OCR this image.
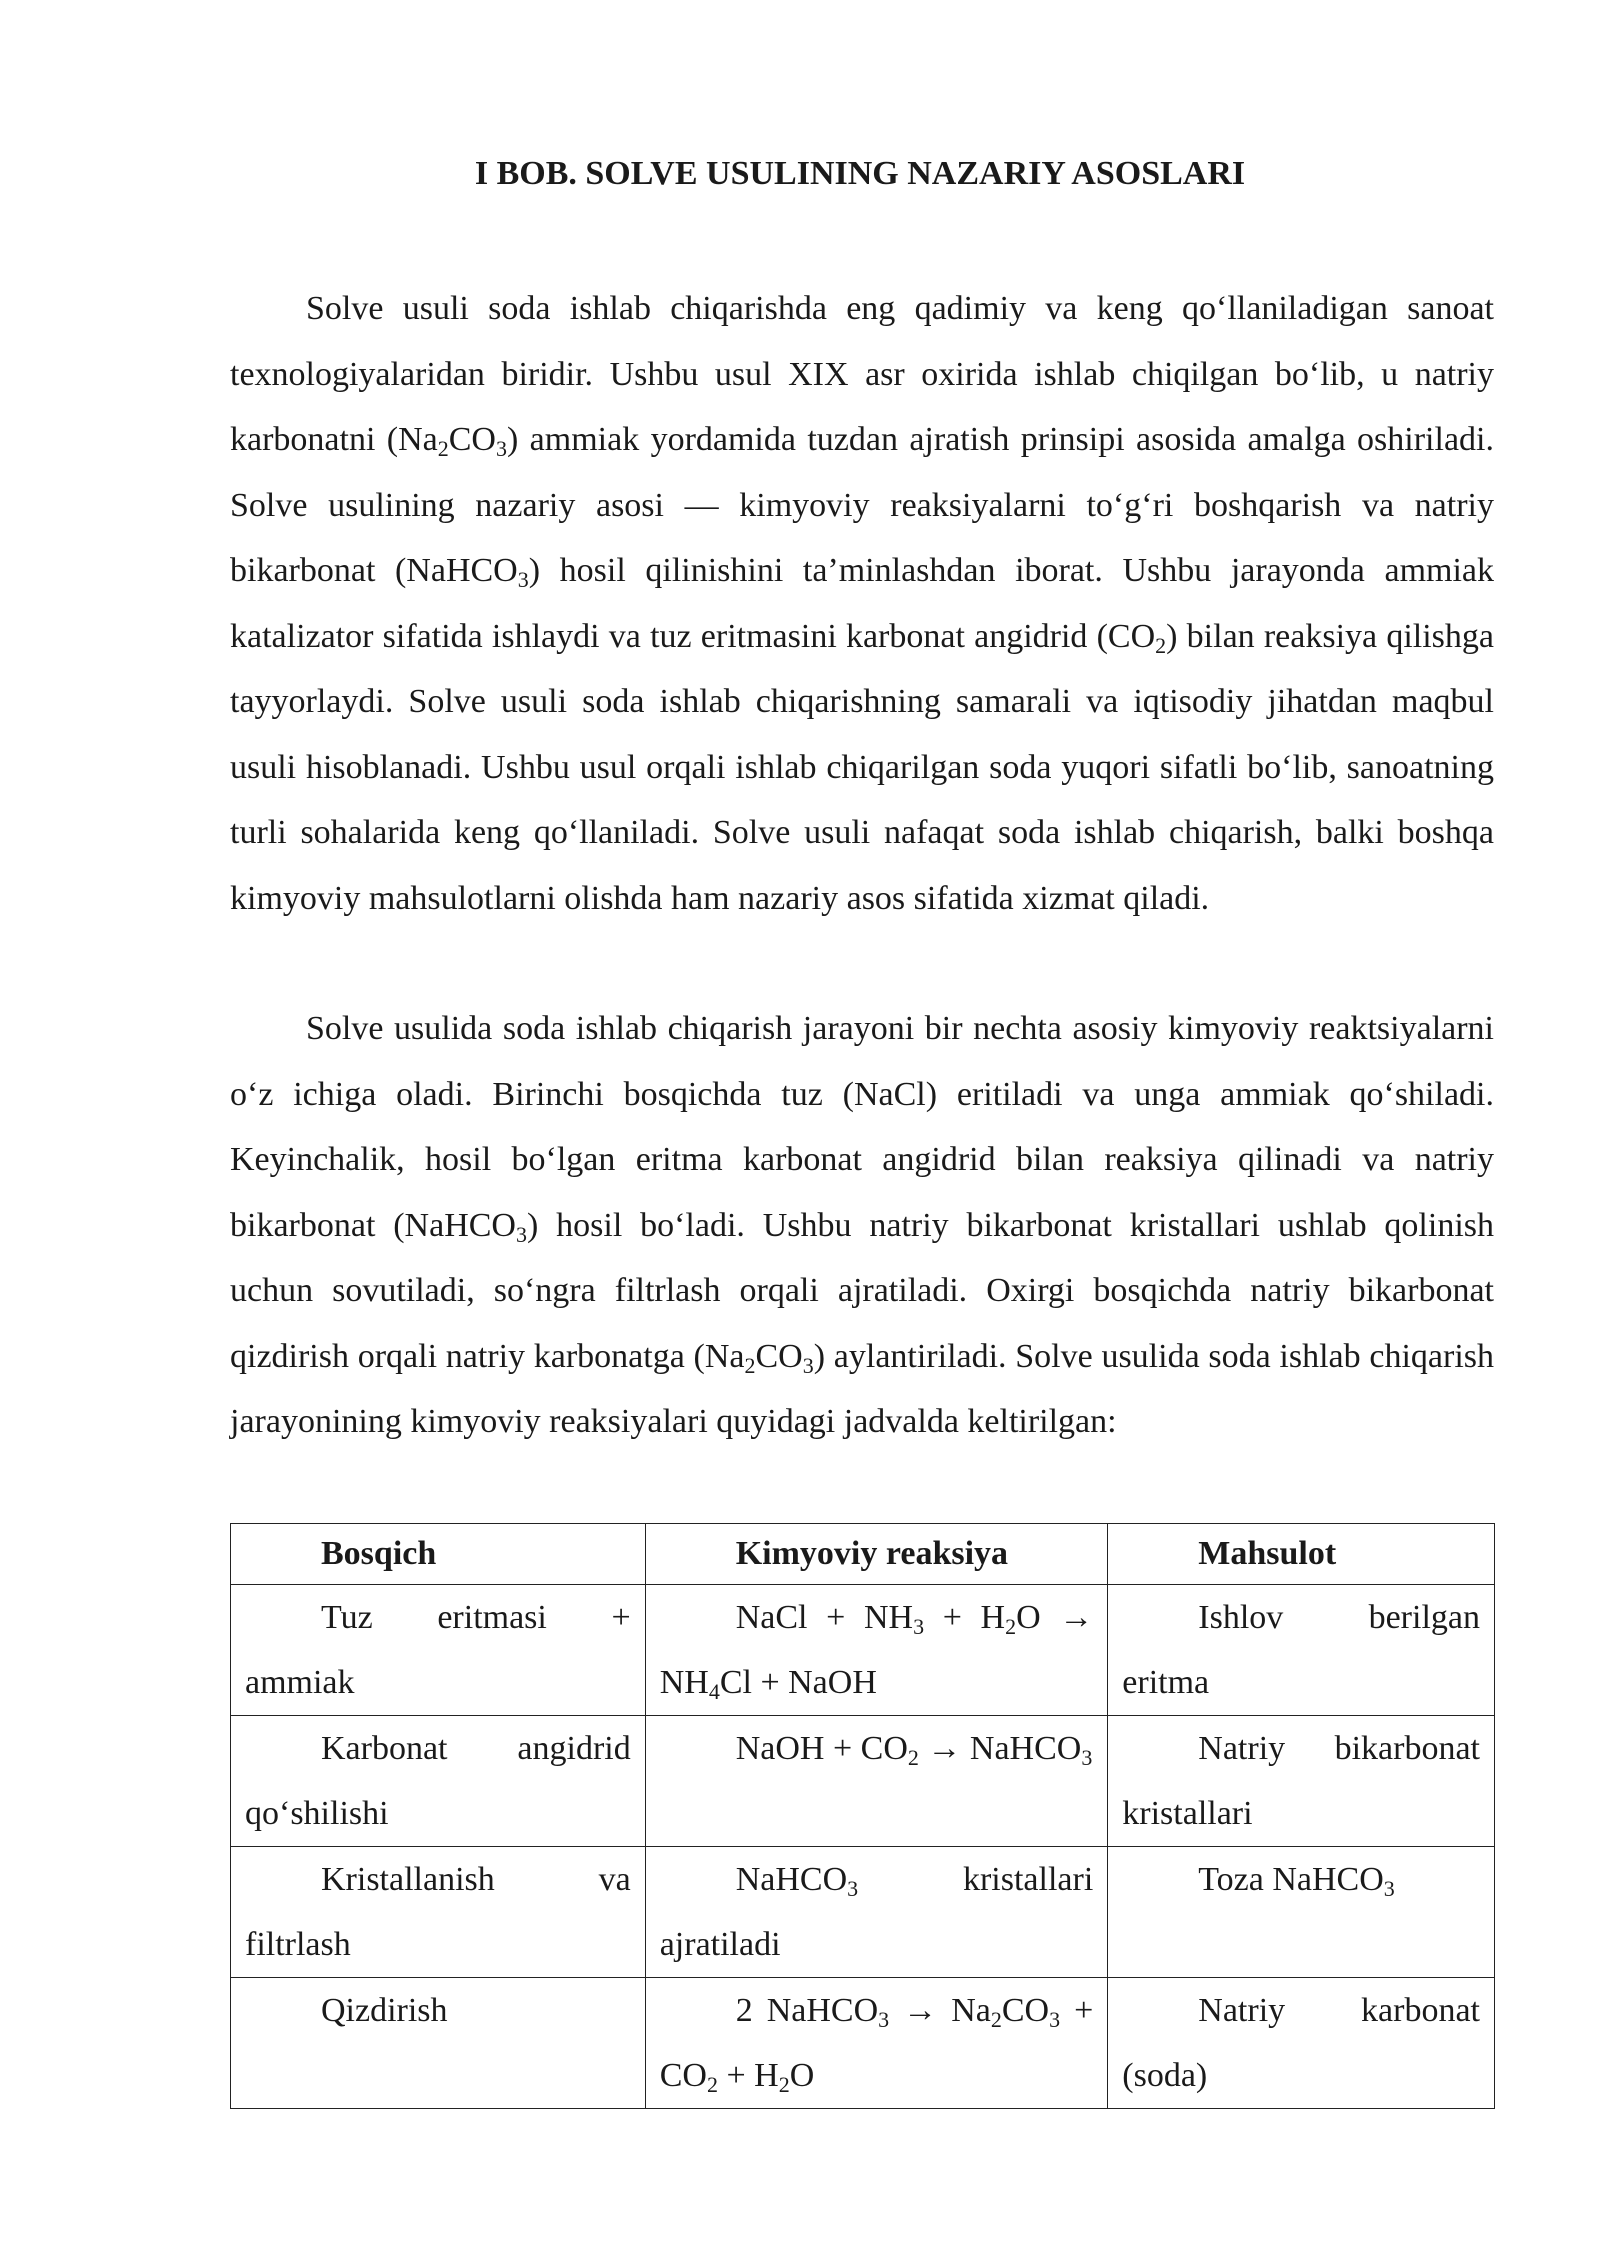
I BOB. SOLVE USULINING NAZARIY ASOSLARI

Solve usuli soda ishlab chiqarishda eng qadimiy va keng qo‘llaniladigan sanoat texnologiyalaridan biridir. Ushbu usul XIX asr oxirida ishlab chiqilgan bo‘lib, u natriy karbonatni $(Na_2CO_3)$ ammiak yordamida tuzdan ajratish prinsipi asosida amalga oshiriladi. Solve usulining nazariy asosi — kimyoviy reaksiyalarni to‘g‘ri boshqarish va natriy bikarbonat (NaHCO$_3$) hosil qilinishini ta’minlashdan iborat. Ushbu jarayonda ammiak katalizator sifatida ishlaydi va tuz eritmasini karbonat angidrid $(CO_2)$ bilan reaksiya qilishga tayyorlaydi. Solve usuli soda ishlab chiqarishning samarali va iqtisodiy jihatdan maqbul usuli hisoblanadi. Ushbu usul orqali ishlab chiqarilgan soda yuqori sifatli bo‘lib, sanoatning turli sohalarida keng qo‘llaniladi. Solve usuli nafaqat soda ishlab chiqarish, balki boshqa kimyoviy mahsulotlarni olishda ham nazariy asos sifatida xizmat qiladi.

Solve usulida soda ishlab chiqarish jarayoni bir nechta asosiy kimyoviy reaktsiyalarni o‘z ichiga oladi. Birinchi bosqichda tuz (NaCl) eritiladi va unga ammiak qo‘shiladi. Keyinchalik, hosil bo‘lgan eritma karbonat angidrid bilan reaksiya qilinadi va natriy bikarbonat (NaHCO$_3$) hosil bo‘ladi. Ushbu natriy bikarbonat kristallari ushlab qolinish uchun sovutiladi, so‘ngra filtrlash orqali ajratiladi. Oxirgi bosqichda natriy bikarbonat qizdirish orqali natriy karbonatga $(Na_2CO_3)$ aylantiriladi. Solve usulida soda ishlab chiqarish jarayonining kimyoviy reaksiyalari quyidagi jadvalda keltirilgan:

Bosqich	Kimyoviy reaksiya	Mahsulot
Tuz eritmasi + ammiak	NaCl + $NH_3 + H_2O \to NH_4Cl$ + NaOH	Ishlov berilgan eritma
Karbonat angidrid qo‘shilishi	NaOH + $CO_2$ → NaHCO$_3$	Natriy bikarbonat kristallari
Kristallanish va filtrlash	NaHCO$_3$ kristallari ajratiladi	Toza NaHCO$_3$
Qizdirish	2 NaHCO$_3$ → $Na_2CO_3 + CO_2 + H_2O$	Natriy karbonat (soda)
